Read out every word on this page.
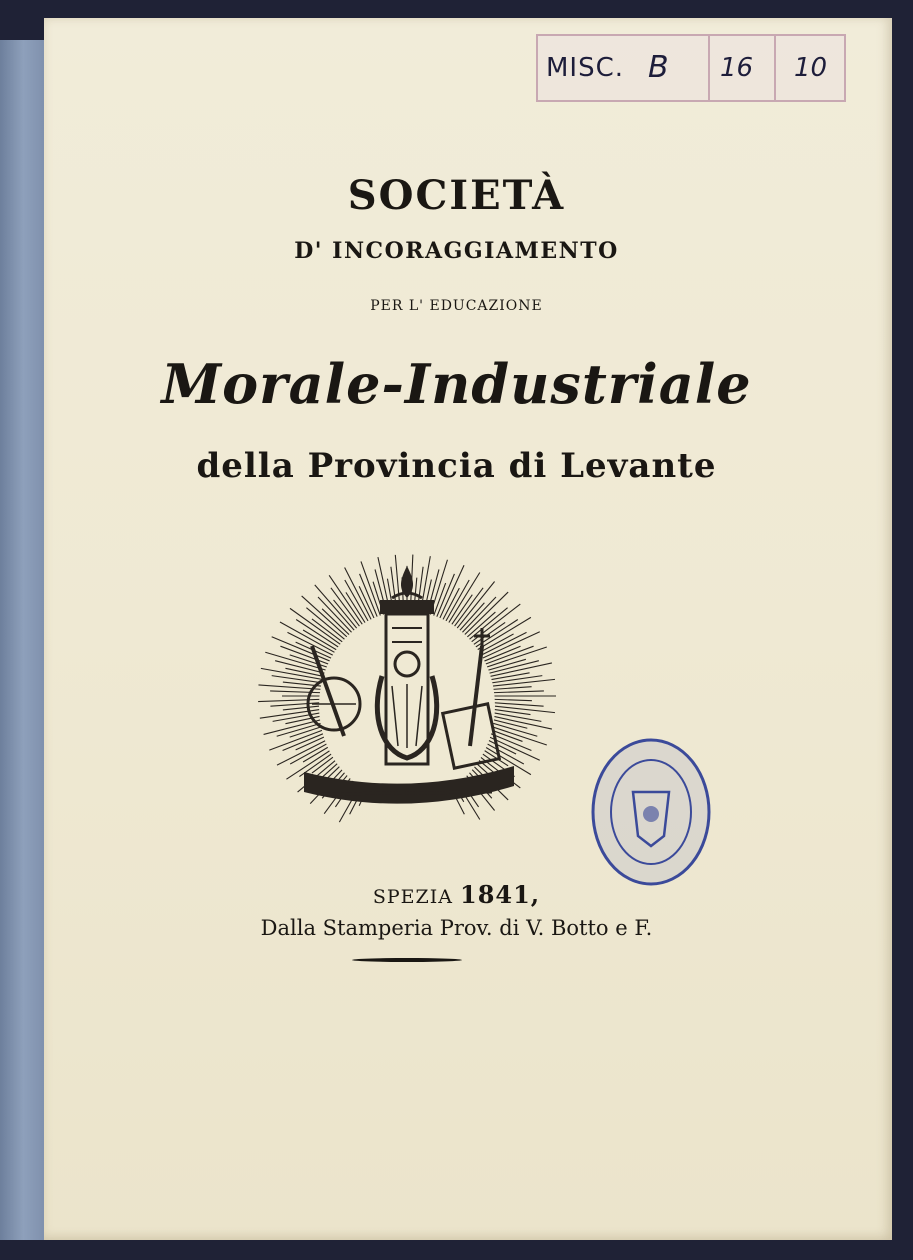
MISC. B 16 10
SOCIETÀ
D' INCORAGGIAMENTO
PER L' EDUCAZIONE
Morale-Industriale
della Provincia di Levante
SPEZIA 1841,
Dalla Stamperia Prov. di V. Botto e F.
